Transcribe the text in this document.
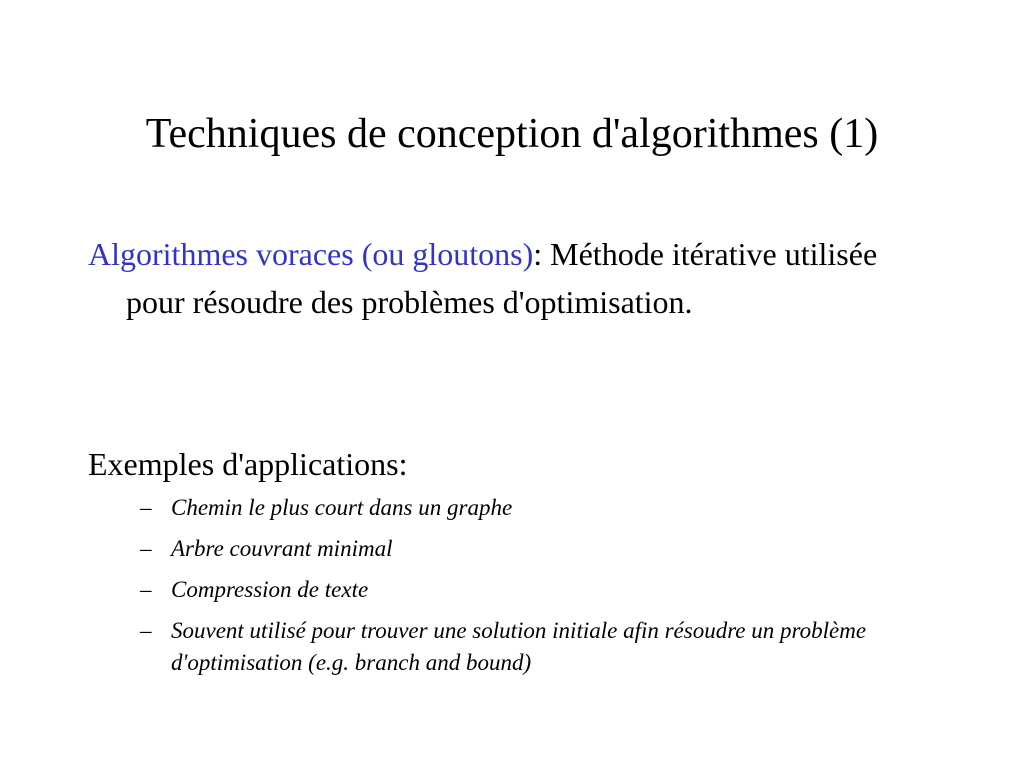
Techniques de conception d'algorithmes (1)

Algorithmes voraces (ou gloutons): Méthode itérative utilisée pour résoudre des problèmes d'optimisation.

Exemples d'applications:

– Chemin le plus court dans un graphe
– Arbre couvrant minimal
– Compression de texte
– Souvent utilisé pour trouver une solution initiale afin résoudre un problème d'optimisation (e.g. branch and bound)
